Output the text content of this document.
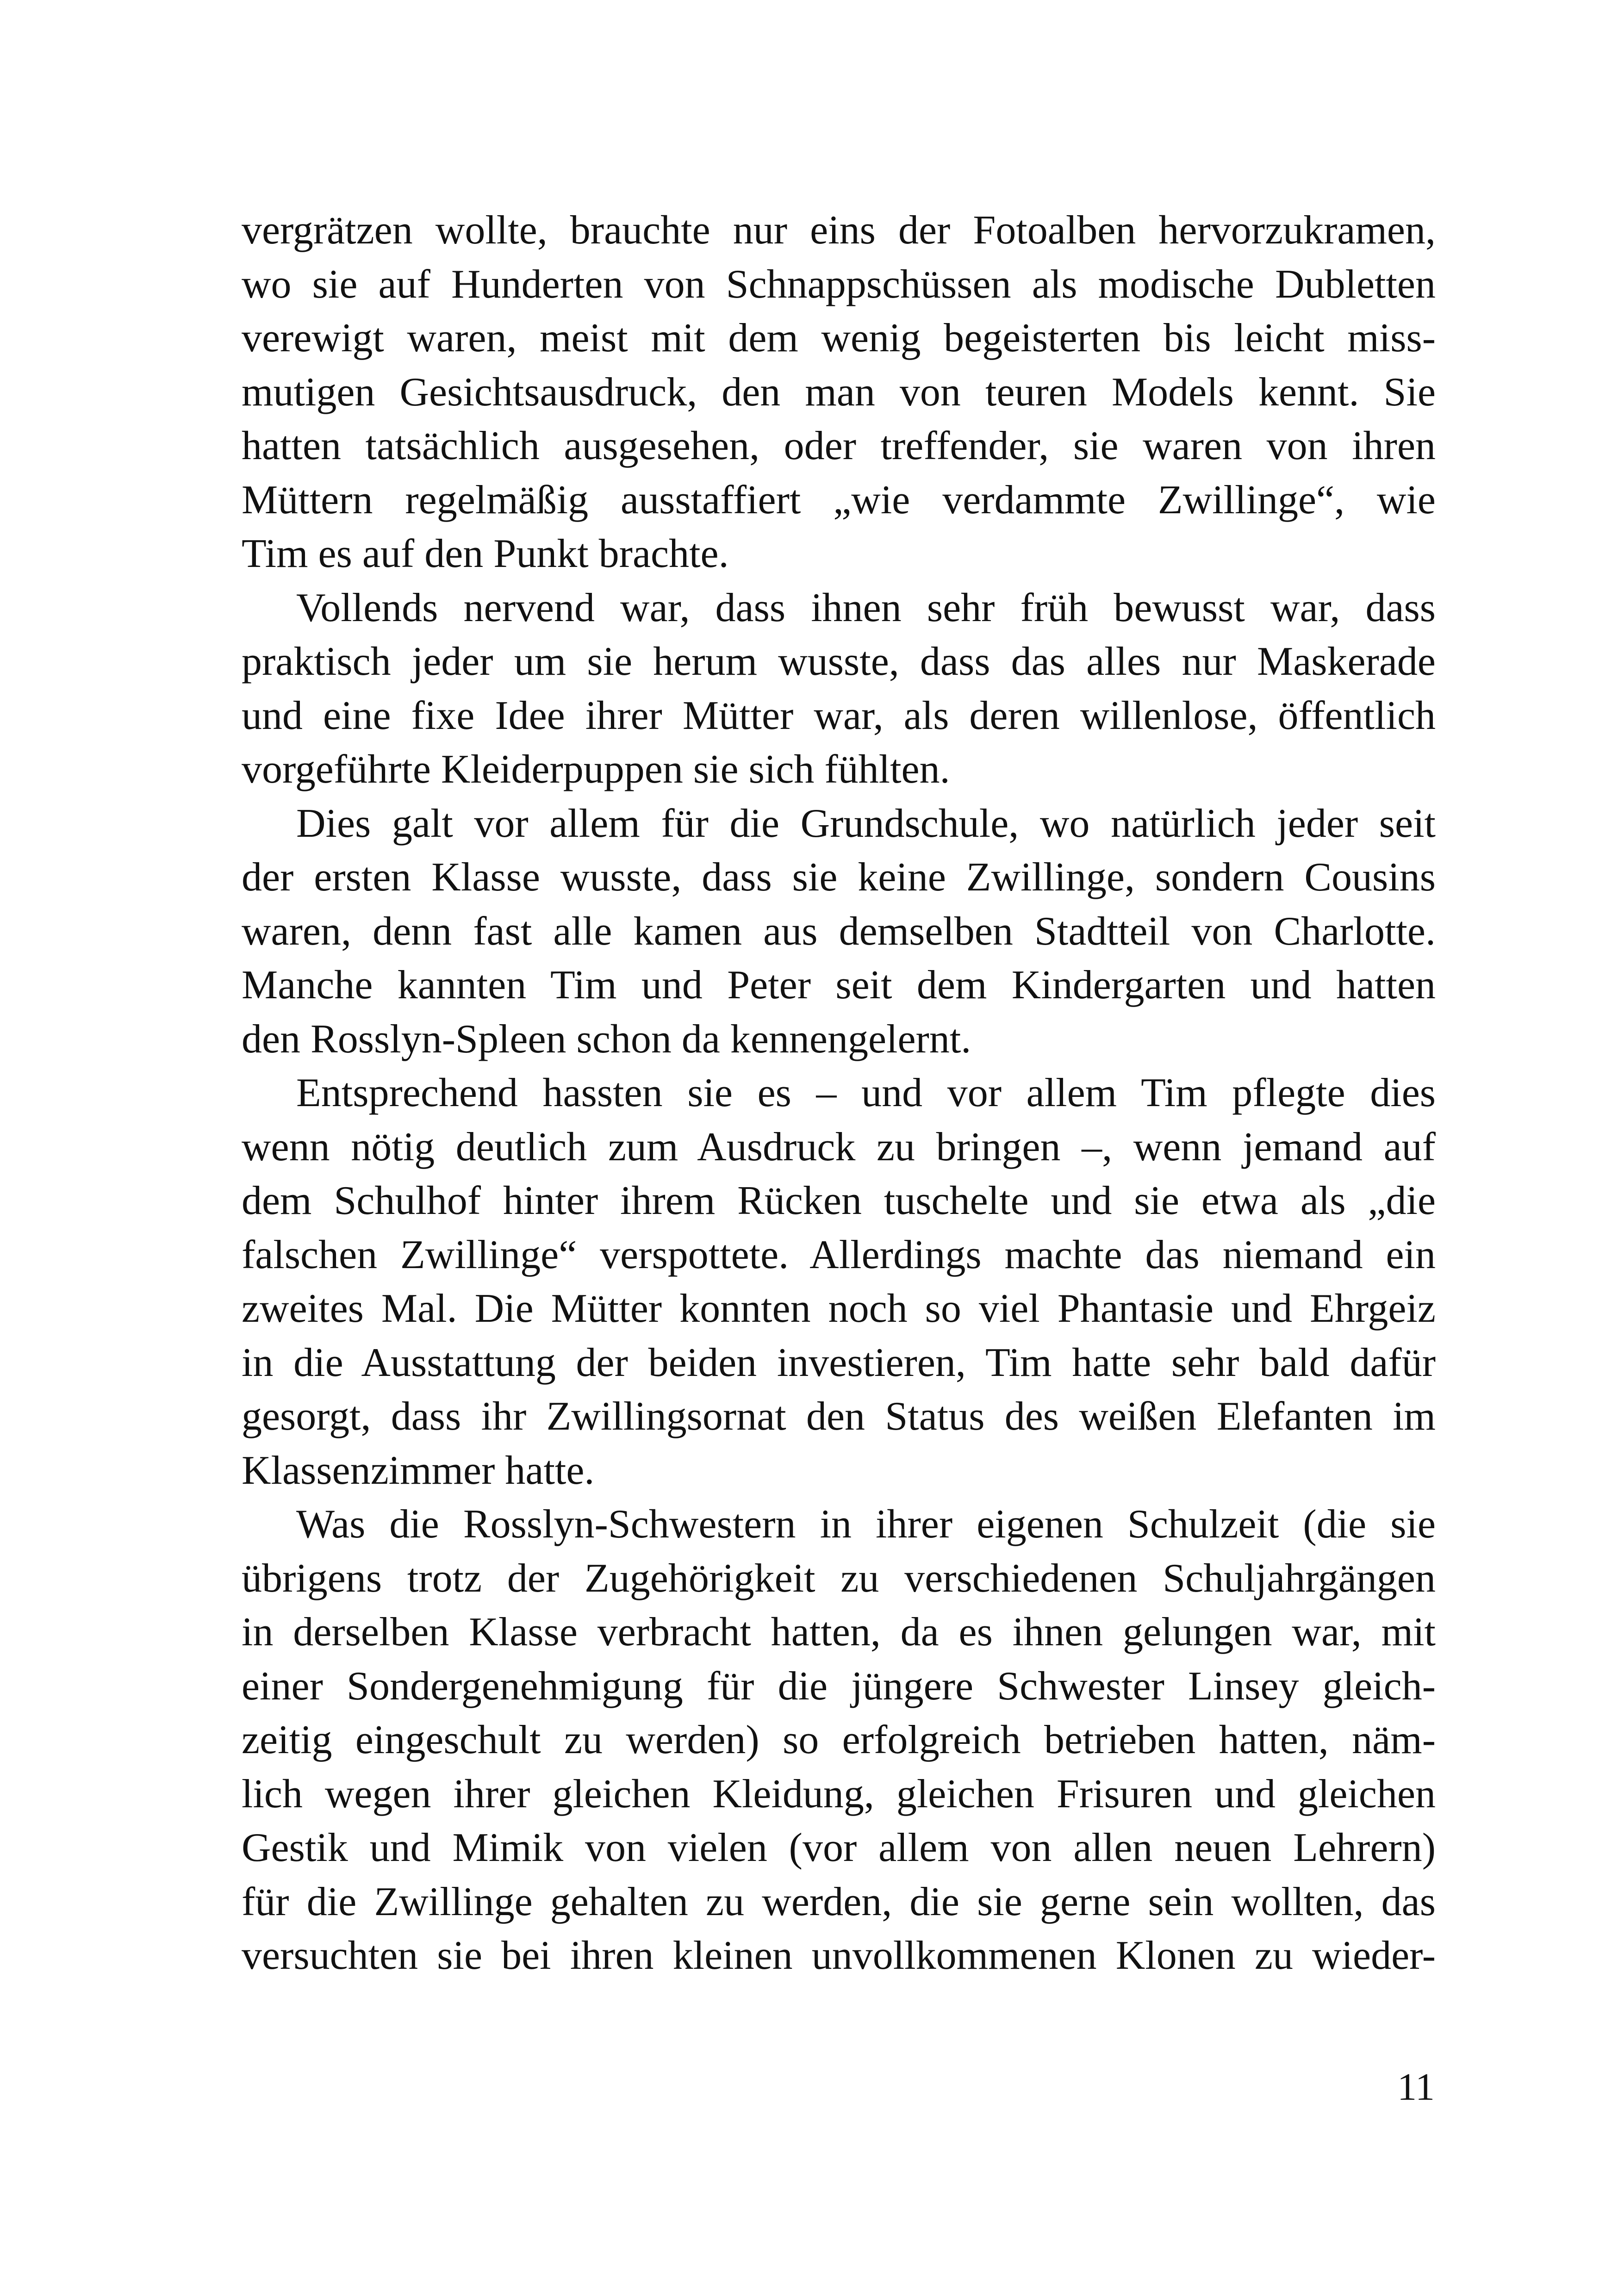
vergrätzen wollte, brauchte nur eins der Fotoalben hervorzukramen,
wo sie auf Hunderten von Schnappschüssen als modische Dubletten
verewigt waren, meist mit dem wenig begeisterten bis leicht miss-
mutigen Gesichtsausdruck, den man von teuren Models kennt. Sie
hatten tatsächlich ausgesehen, oder treffender, sie waren von ihren
Müttern regelmäßig ausstaffiert „wie verdammte Zwillinge“, wie
Tim es auf den Punkt brachte.
Vollends nervend war, dass ihnen sehr früh bewusst war, dass
praktisch jeder um sie herum wusste, dass das alles nur Maskerade
und eine fixe Idee ihrer Mütter war, als deren willenlose, öffentlich
vorgeführte Kleiderpuppen sie sich fühlten.
Dies galt vor allem für die Grundschule, wo natürlich jeder seit
der ersten Klasse wusste, dass sie keine Zwillinge, sondern Cousins
waren, denn fast alle kamen aus demselben Stadtteil von Charlotte.
Manche kannten Tim und Peter seit dem Kindergarten und hatten
den Rosslyn-Spleen schon da kennengelernt.
Entsprechend hassten sie es – und vor allem Tim pflegte dies
wenn nötig deutlich zum Ausdruck zu bringen –, wenn jemand auf
dem Schulhof hinter ihrem Rücken tuschelte und sie etwa als „die
falschen Zwillinge“ verspottete. Allerdings machte das niemand ein
zweites Mal. Die Mütter konnten noch so viel Phantasie und Ehrgeiz
in die Ausstattung der beiden investieren, Tim hatte sehr bald dafür
gesorgt, dass ihr Zwillingsornat den Status des weißen Elefanten im
Klassenzimmer hatte.
Was die Rosslyn-Schwestern in ihrer eigenen Schulzeit (die sie
übrigens trotz der Zugehörigkeit zu verschiedenen Schuljahrgängen
in derselben Klasse verbracht hatten, da es ihnen gelungen war, mit
einer Sondergenehmigung für die jüngere Schwester Linsey gleich-
zeitig eingeschult zu werden) so erfolgreich betrieben hatten, näm-
lich wegen ihrer gleichen Kleidung, gleichen Frisuren und gleichen
Gestik und Mimik von vielen (vor allem von allen neuen Lehrern)
für die Zwillinge gehalten zu werden, die sie gerne sein wollten, das
versuchten sie bei ihren kleinen unvollkommenen Klonen zu wieder-
11
